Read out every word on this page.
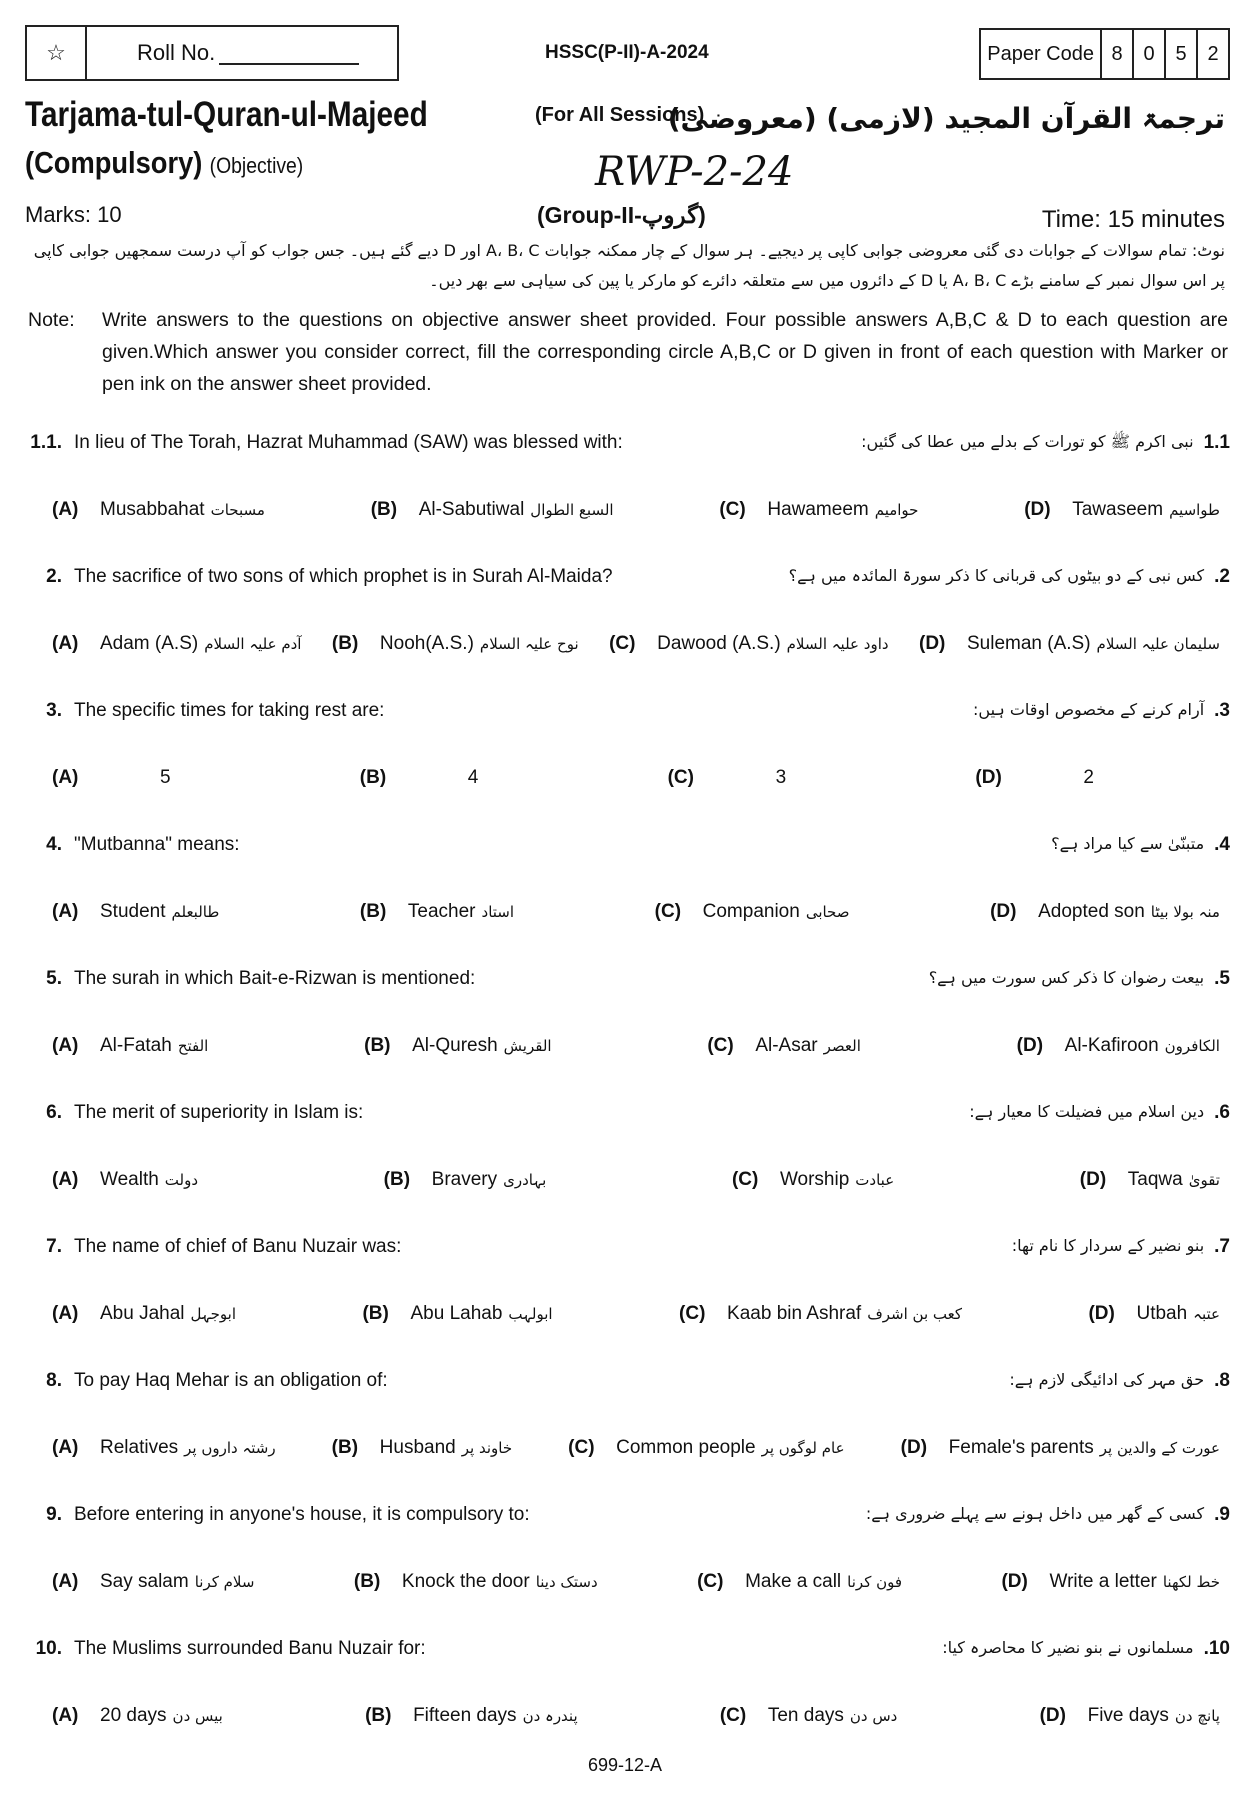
☆	Roll No.	HSSC(P-II)-A-2024	Paper Code 8	0	5	2
Tarjama-tul-Quran-ul-Majeed	(For All Sessions)
(Compulsory) (Objective)
ترجمۃ القرآن المجید (لازمی) (معروضی)
RWP-2-24
Marks: 10	(Group-II-گروپ)	Time: 15 minutes
نوٹ: تمام سوالات کے جوابات دی گئی معروضی جوابی کاپی پر دیجیے۔ ہر سوال کے چار ممکنہ جوابات A، B، C اور D دیے گئے ہیں۔ جس جواب کو آپ درست سمجھیں جوابی کاپی پر اس سوال نمبر کے سامنے بڑے A، B، C یا D کے دائروں میں سے متعلقہ دائرے کو مارکر یا پین کی سیاہی سے بھر دیں۔
Note: Write answers to the questions on objective answer sheet provided. Four possible answers A,B,C & D to each question are given.Which answer you consider correct, fill the corresponding circle A,B,C or D given in front of each question with Marker or pen ink on the answer sheet provided.
1.1. In lieu of The Torah, Hazrat Muhammad (SAW) was blessed with:	1.1
نبی اکرم ﷺ کو تورات کے بدلے میں عطا کی گئیں:
(A)	Musabbahat مسبحات	(B)	Al-Sabutiwal السبع الطوال	(C)	Hawameem حوامیم	(D)	Tawaseem طواسیم
2. The sacrifice of two sons of which prophet is in Surah Al-Maida?	2.
کس نبی کے دو بیٹوں کی قربانی کا ذکر سورۃ المائدہ میں ہے؟
(A)	Adam (A.S) آدم علیہ السلام (B)	Nooh(A.S.) نوح علیہ السلام (C)	Dawood (A.S.) داود علیہ السلام (D)	Suleman (A.S) سلیمان علیہ السلام
3. The specific times for taking rest are:	3.
آرام کرنے کے مخصوص اوقات ہیں:
(A)	5	(B)	4	(C)	3	(D)	2
4. "Mutbanna" means:	4.
متبنّیٰ سے کیا مراد ہے؟
(A)	Student طالبعلم	(B)	Teacher استاد	(C)	Companion صحابی	(D)	Adopted son منہ بولا بیٹا
5. The surah in which Bait-e-Rizwan is mentioned:	5.
بیعت رضوان کا ذکر کس سورت میں ہے؟
(A)	Al-Fatah الفتح	(B)	Al-Quresh القریش	(C)	Al-Asar العصر	(D)	Al-Kafiroon الکافرون
6. The merit of superiority in Islam is:	6.
دین اسلام میں فضیلت کا معیار ہے:
(A)	Wealth دولت	(B)	Bravery بہادری	(C)	Worship عبادت	(D)	Taqwa تقویٰ
7. The name of chief of Banu Nuzair was:	7.
بنو نضیر کے سردار کا نام تھا:
(A)	Abu Jahal ابوجہل	(B)	Abu Lahab ابولہب	(C)	Kaab bin Ashraf کعب بن اشرف	(D)	Utbah عتبہ
8. To pay Haq Mehar is an obligation of:	8.
حق مہر کی ادائیگی لازم ہے:
(A)	Relatives رشتہ داروں پر	(B)	Husband خاوند پر	(C)	Common people عام لوگوں پر	(D)	Female's parents عورت کے والدین پر
9. Before entering in anyone's house, it is compulsory to:	9.
کسی کے گھر میں داخل ہونے سے پہلے ضروری ہے:
(A)	Say salam سلام کرنا	(B)	Knock the door دستک دینا	(C)	Make a call فون کرنا	(D)	Write a letter خط لکھنا
10. The Muslims surrounded Banu Nuzair for:	10.
مسلمانوں نے بنو نضیر کا محاصرہ کیا:
(A)	20 days بیس دن	(B)	Fifteen days پندرہ دن	(C)	Ten days دس دن	(D)	Five days پانچ دن
699-12-A
